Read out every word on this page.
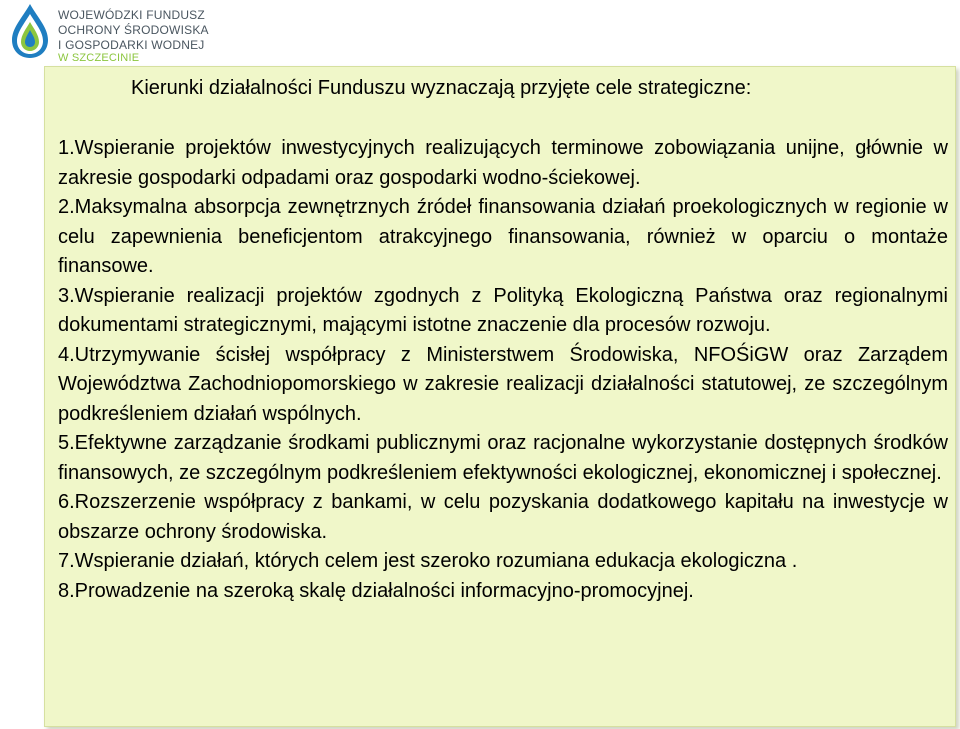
WOJEWÓDZKI FUNDUSZ
OCHRONY ŚRODOWISKA
I GOSPODARKI WODNEJ
W SZCZECINIE
Kierunki działalności Funduszu wyznaczają przyjęte cele strategiczne:

1.Wspieranie projektów inwestycyjnych realizujących terminowe zobowiązania unijne, głównie w zakresie gospodarki odpadami oraz gospodarki wodno-ściekowej.

2.Maksymalna absorpcja zewnętrznych źródeł finansowania działań proekologicznych w regionie w celu zapewnienia beneficjentom atrakcyjnego finansowania, również w oparciu o montaże finansowe.

3.Wspieranie realizacji projektów zgodnych z Polityką Ekologiczną Państwa oraz regionalnymi dokumentami strategicznymi, mającymi istotne znaczenie dla procesów rozwoju.

4.Utrzymywanie ścisłej współpracy z Ministerstwem Środowiska, NFOŚiGW oraz Zarządem Województwa Zachodniopomorskiego w zakresie realizacji działalności statutowej, ze szczególnym podkreśleniem działań wspólnych.

5.Efektywne zarządzanie środkami publicznymi oraz racjonalne wykorzystanie dostępnych środków finansowych, ze szczególnym podkreśleniem efektywności ekologicznej, ekonomicznej i społecznej.

6.Rozszerzenie współpracy z bankami, w celu pozyskania dodatkowego kapitału na inwestycje w obszarze ochrony środowiska.

7.Wspieranie działań, których celem jest szeroko rozumiana edukacja ekologiczna .

8.Prowadzenie na szeroką skalę działalności informacyjno-promocyjnej.
